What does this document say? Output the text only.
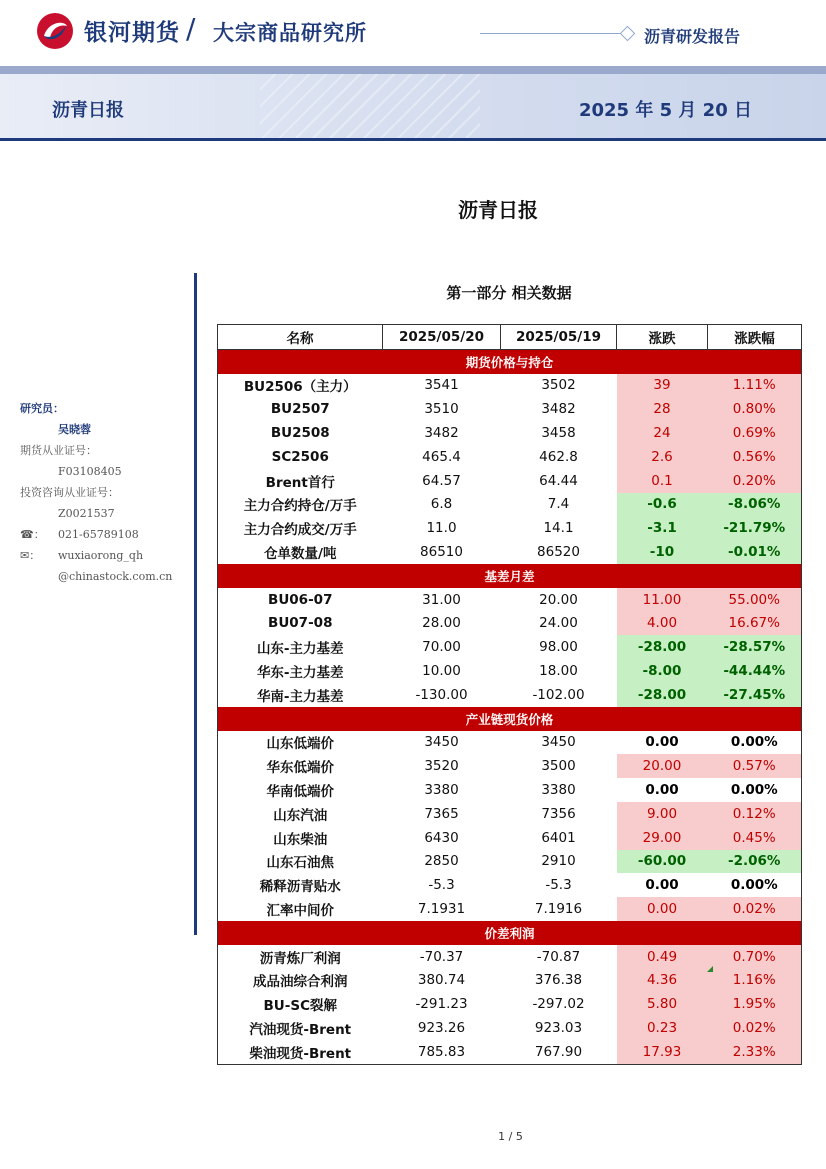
银河期货 / 大宗商品研究所	沥青研发报告
沥青日报	2025 年 5 月 20 日
沥青日报
研究员：
吴晓蓉
期货从业证号：
F03108405
投资咨询从业证号：
Z0021537
☎： 021-65789108
✉： wuxiaorong_qh
@chinastock.com.cn
第一部分 相关数据
名称	2025/05/20	2025/05/19	涨跌	涨跌幅
期货价格与持仓				
BU2506（主力）	3541	3502	39	1.11%
BU2507	3510	3482	28	0.80%
BU2508	3482	3458	24	0.69%
SC2506	465.4	462.8	2.6	0.56%
Brent首行	64.57	64.44	0.1	0.20%
主力合约持仓/万手	6.8	7.4	-0.6	-8.06%
主力合约成交/万手	11.0	14.1	-3.1	-21.79%
仓单数量/吨	86510	86520	-10	-0.01%
基差月差				
BU06-07	31.00	20.00	11.00	55.00%
BU07-08	28.00	24.00	4.00	16.67%
山东-主力基差	70.00	98.00	-28.00	-28.57%
华东-主力基差	10.00	18.00	-8.00	-44.44%
华南-主力基差	-130.00	-102.00	-28.00	-27.45%
产业链现货价格				
山东低端价	3450	3450	0.00	0.00%
华东低端价	3520	3500	20.00	0.57%
华南低端价	3380	3380	0.00	0.00%
山东汽油	7365	7356	9.00	0.12%
山东柴油	6430	6401	29.00	0.45%
山东石油焦	2850	2910	-60.00	-2.06%
稀释沥青贴水	-5.3	-5.3	0.00	0.00%
汇率中间价	7.1931	7.1916	0.00	0.02%
价差利润				
沥青炼厂利润	-70.37	-70.87	0.49	0.70%
成品油综合利润	380.74	376.38	4.36	1.16%
BU-SC裂解	-291.23	-297.02	5.80	1.95%
汽油现货-Brent	923.26	923.03	0.23	0.02%
柴油现货-Brent	785.83	767.90	17.93	2.33%
1 / 5
